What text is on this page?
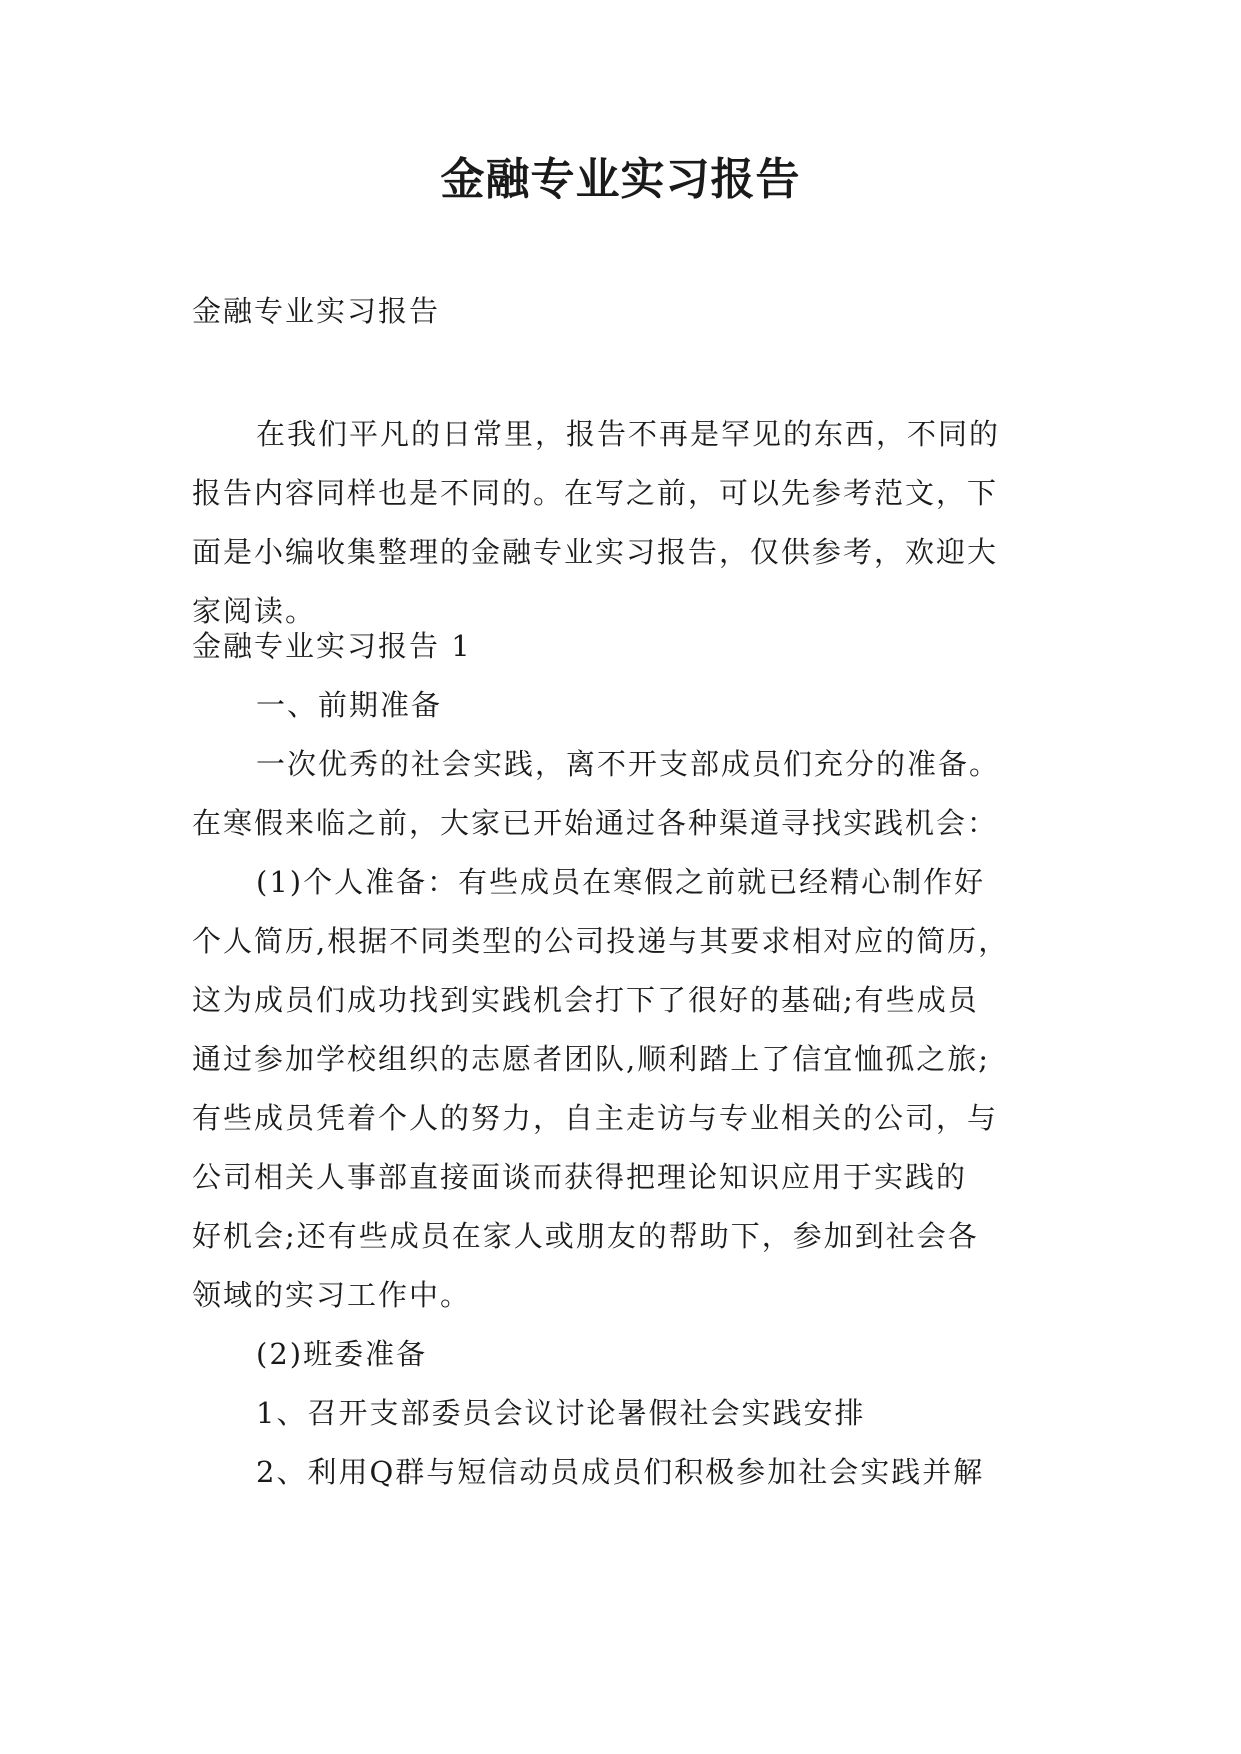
金融专业实习报告

金融专业实习报告

在我们平凡的日常里，报告不再是罕见的东西，不同的
报告内容同样也是不同的。在写之前，可以先参考范文，下
面是小编收集整理的金融专业实习报告，仅供参考，欢迎大
家阅读。
金融专业实习报告 1
一、前期准备
一次优秀的社会实践，离不开支部成员们充分的准备。
在寒假来临之前，大家已开始通过各种渠道寻找实践机会：
(1)个人准备：有些成员在寒假之前就已经精心制作好
个人简历,根据不同类型的公司投递与其要求相对应的简历，
这为成员们成功找到实践机会打下了很好的基础;有些成员
通过参加学校组织的志愿者团队,顺利踏上了信宜恤孤之旅;
有些成员凭着个人的努力，自主走访与专业相关的公司，与
公司相关人事部直接面谈而获得把理论知识应用于实践的
好机会;还有些成员在家人或朋友的帮助下，参加到社会各
领域的实习工作中。
(2)班委准备
1、召开支部委员会议讨论暑假社会实践安排
2、利用Q群与短信动员成员们积极参加社会实践并解
